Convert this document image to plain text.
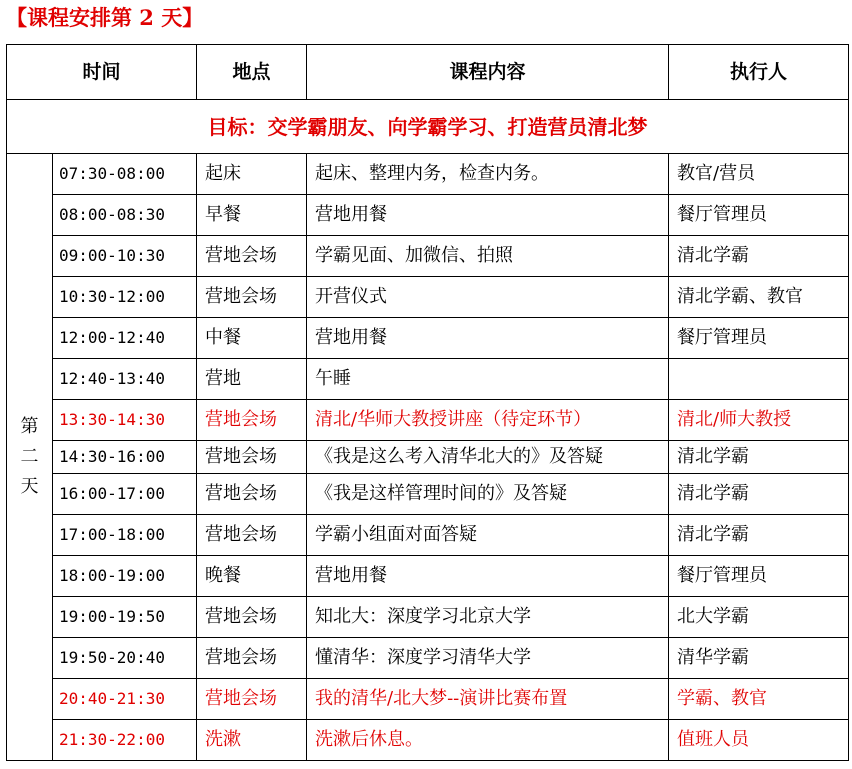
【课程安排第 2 天】
时间		地点	课程内容	执行人
目标：交学霸朋友、向学霸学习、打造营员清北梦				
第二天	07:30-08:00	起床	起床、整理内务，检查内务。	教官/营员
	08:00-08:30	早餐	营地用餐	餐厅管理员
	09:00-10:30	营地会场	学霸见面、加微信、拍照	清北学霸
	10:30-12:00	营地会场	开营仪式	清北学霸、教官
	12:00-12:40	中餐	营地用餐	餐厅管理员
	12:40-13:40	营地	午睡	
	13:30-14:30	营地会场	清北/华师大教授讲座（待定环节）	清北/师大教授
	14:30-16:00	营地会场	《我是这么考入清华北大的》及答疑	清北学霸
	16:00-17:00	营地会场	《我是这样管理时间的》及答疑	清北学霸
	17:00-18:00	营地会场	学霸小组面对面答疑	清北学霸
	18:00-19:00	晚餐	营地用餐	餐厅管理员
	19:00-19:50	营地会场	知北大：深度学习北京大学	北大学霸
	19:50-20:40	营地会场	懂清华：深度学习清华大学	清华学霸
	20:40-21:30	营地会场	我的清华/北大梦--演讲比赛布置	学霸、教官
	21:30-22:00	洗漱	洗漱后休息。	值班人员
